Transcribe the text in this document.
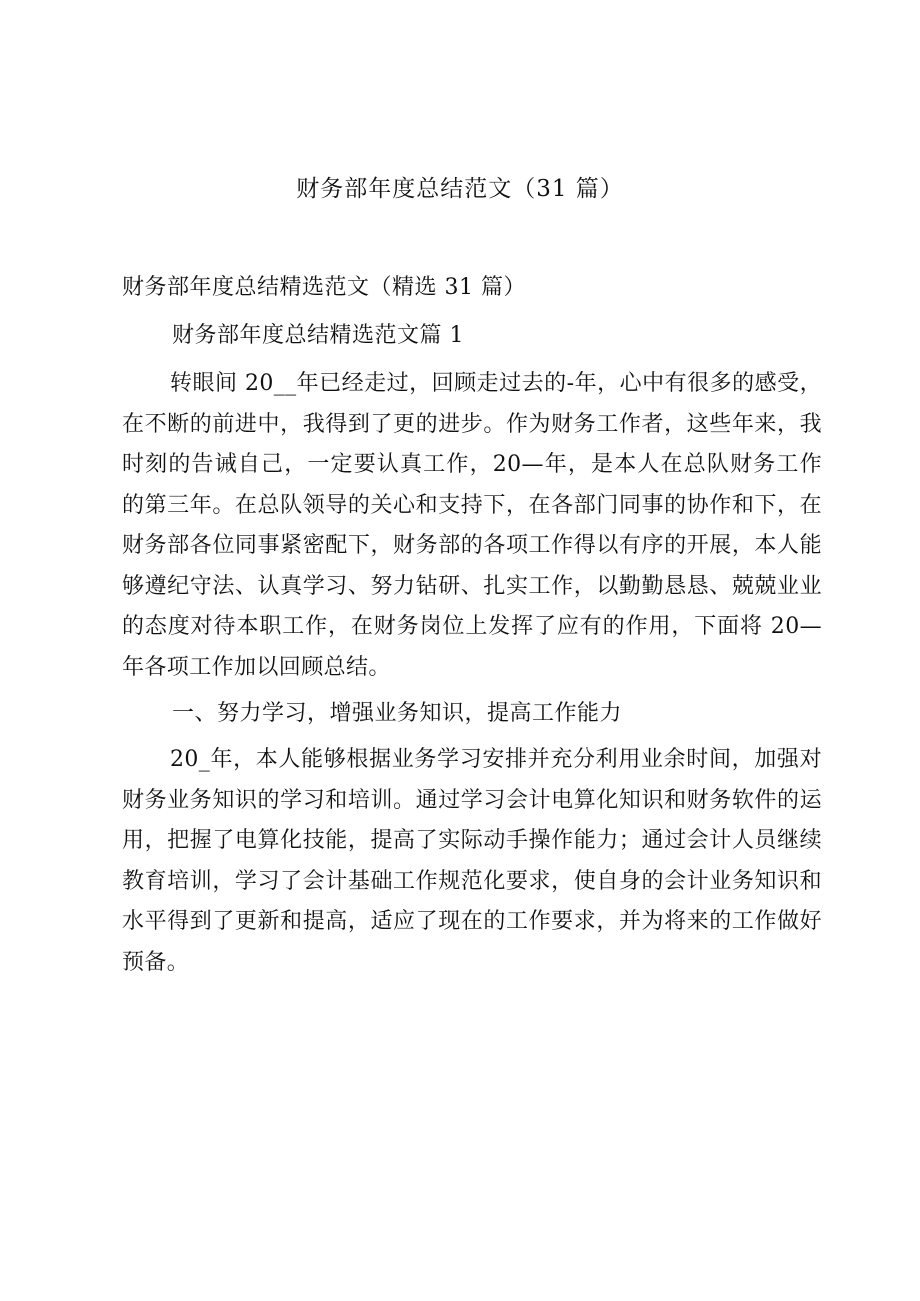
财务部年度总结范文（31 篇）

财务部年度总结精选范文（精选 31 篇）

财务部年度总结精选范文篇 1

转眼间 20__年已经走过，回顾走过去的-年，心中有很多的感受，在不断的前进中，我得到了更的进步。作为财务工作者，这些年来，我时刻的告诫自己，一定要认真工作，20—年，是本人在总队财务工作的第三年。在总队领导的关心和支持下，在各部门同事的协作和下，在财务部各位同事紧密配下，财务部的各项工作得以有序的开展，本人能够遵纪守法、认真学习、努力钻研、扎实工作，以勤勤恳恳、兢兢业业的态度对待本职工作，在财务岗位上发挥了应有的作用，下面将 20—年各项工作加以回顾总结。

一、努力学习，增强业务知识，提高工作能力

20_年，本人能够根据业务学习安排并充分利用业余时间，加强对财务业务知识的学习和培训。通过学习会计电算化知识和财务软件的运用，把握了电算化技能，提高了实际动手操作能力；通过会计人员继续教育培训，学习了会计基础工作规范化要求，使自身的会计业务知识和水平得到了更新和提高，适应了现在的工作要求，并为将来的工作做好预备。
